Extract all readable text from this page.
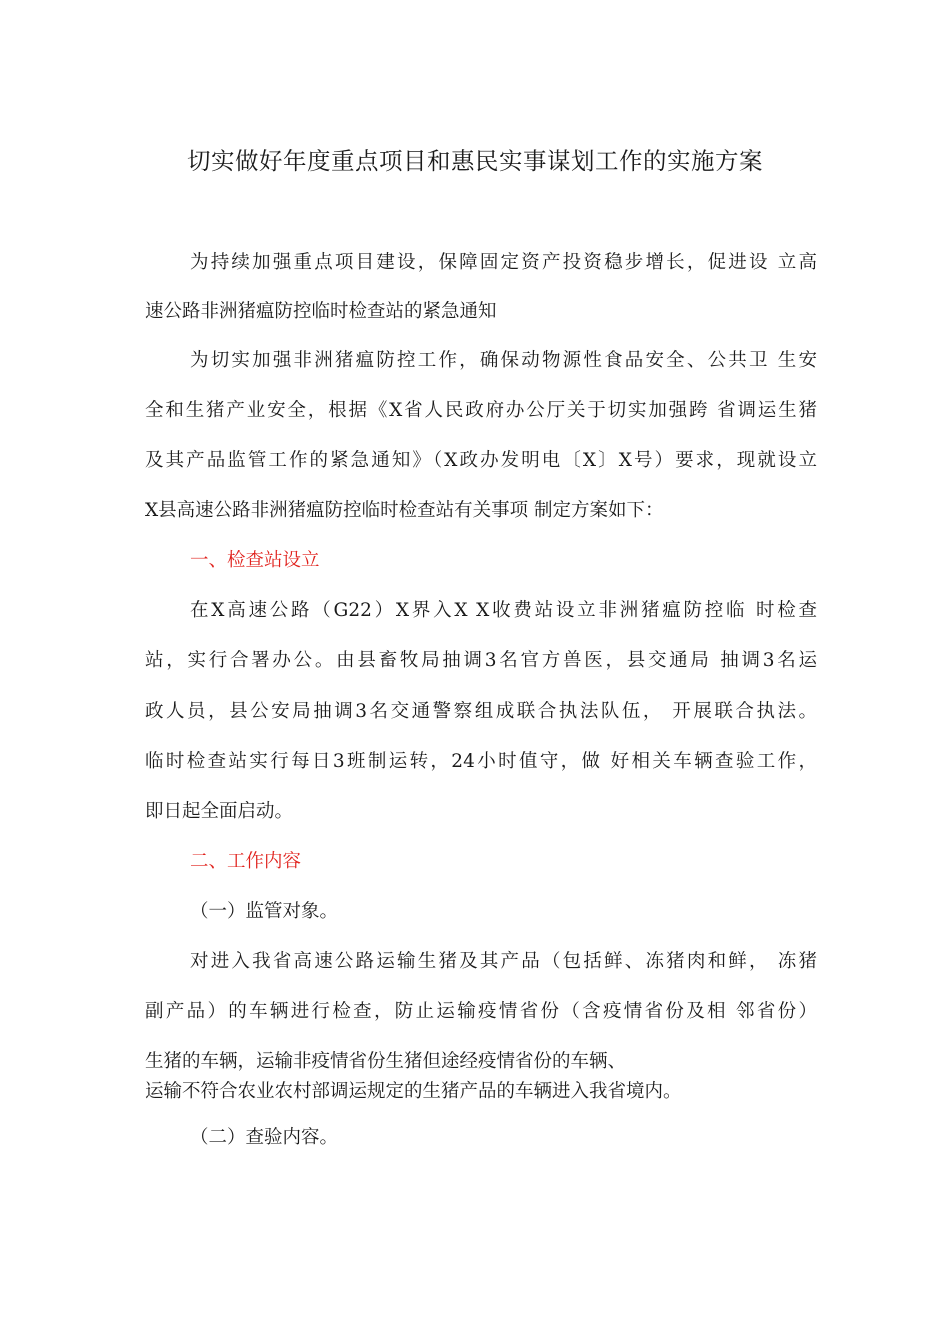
切实做好年度重点项目和惠民实事谋划工作的实施方案
为持续加强重点项目建设，保障固定资产投资稳步增长，促进设 立高
速公路非洲猪瘟防控临时检查站的紧急通知
为切实加强非洲猪瘟防控工作，确保动物源性食品安全、公共卫 生安
全和生猪产业安全，根据《X省人民政府办公厅关于切实加强跨 省调运生猪
及其产品监管工作的紧急通知》（X政办发明电〔X〕X号）要求，现就设立
X县高速公路非洲猪瘟防控临时检查站有关事项 制定方案如下：
一、检查站设立
在X高速公路（G22）X界入X X收费站设立非洲猪瘟防控临 时检查
站，实行合署办公。由县畜牧局抽调3名官方兽医，县交通局 抽调3名运
政人员，县公安局抽调3名交通警察组成联合执法队伍， 开展联合执法。
临时检查站实行每日3班制运转，24小时值守，做 好相关车辆查验工作，
即日起全面启动。
二、工作内容
（一）监管对象。
对进入我省高速公路运输生猪及其产品（包括鲜、冻猪肉和鲜， 冻猪
副产品）的车辆进行检查，防止运输疫情省份（含疫情省份及相 邻省份）
生猪的车辆，运输非疫情省份生猪但途经疫情省份的车辆、
运输不符合农业农村部调运规定的生猪产品的车辆进入我省境内。
（二）查验内容。
